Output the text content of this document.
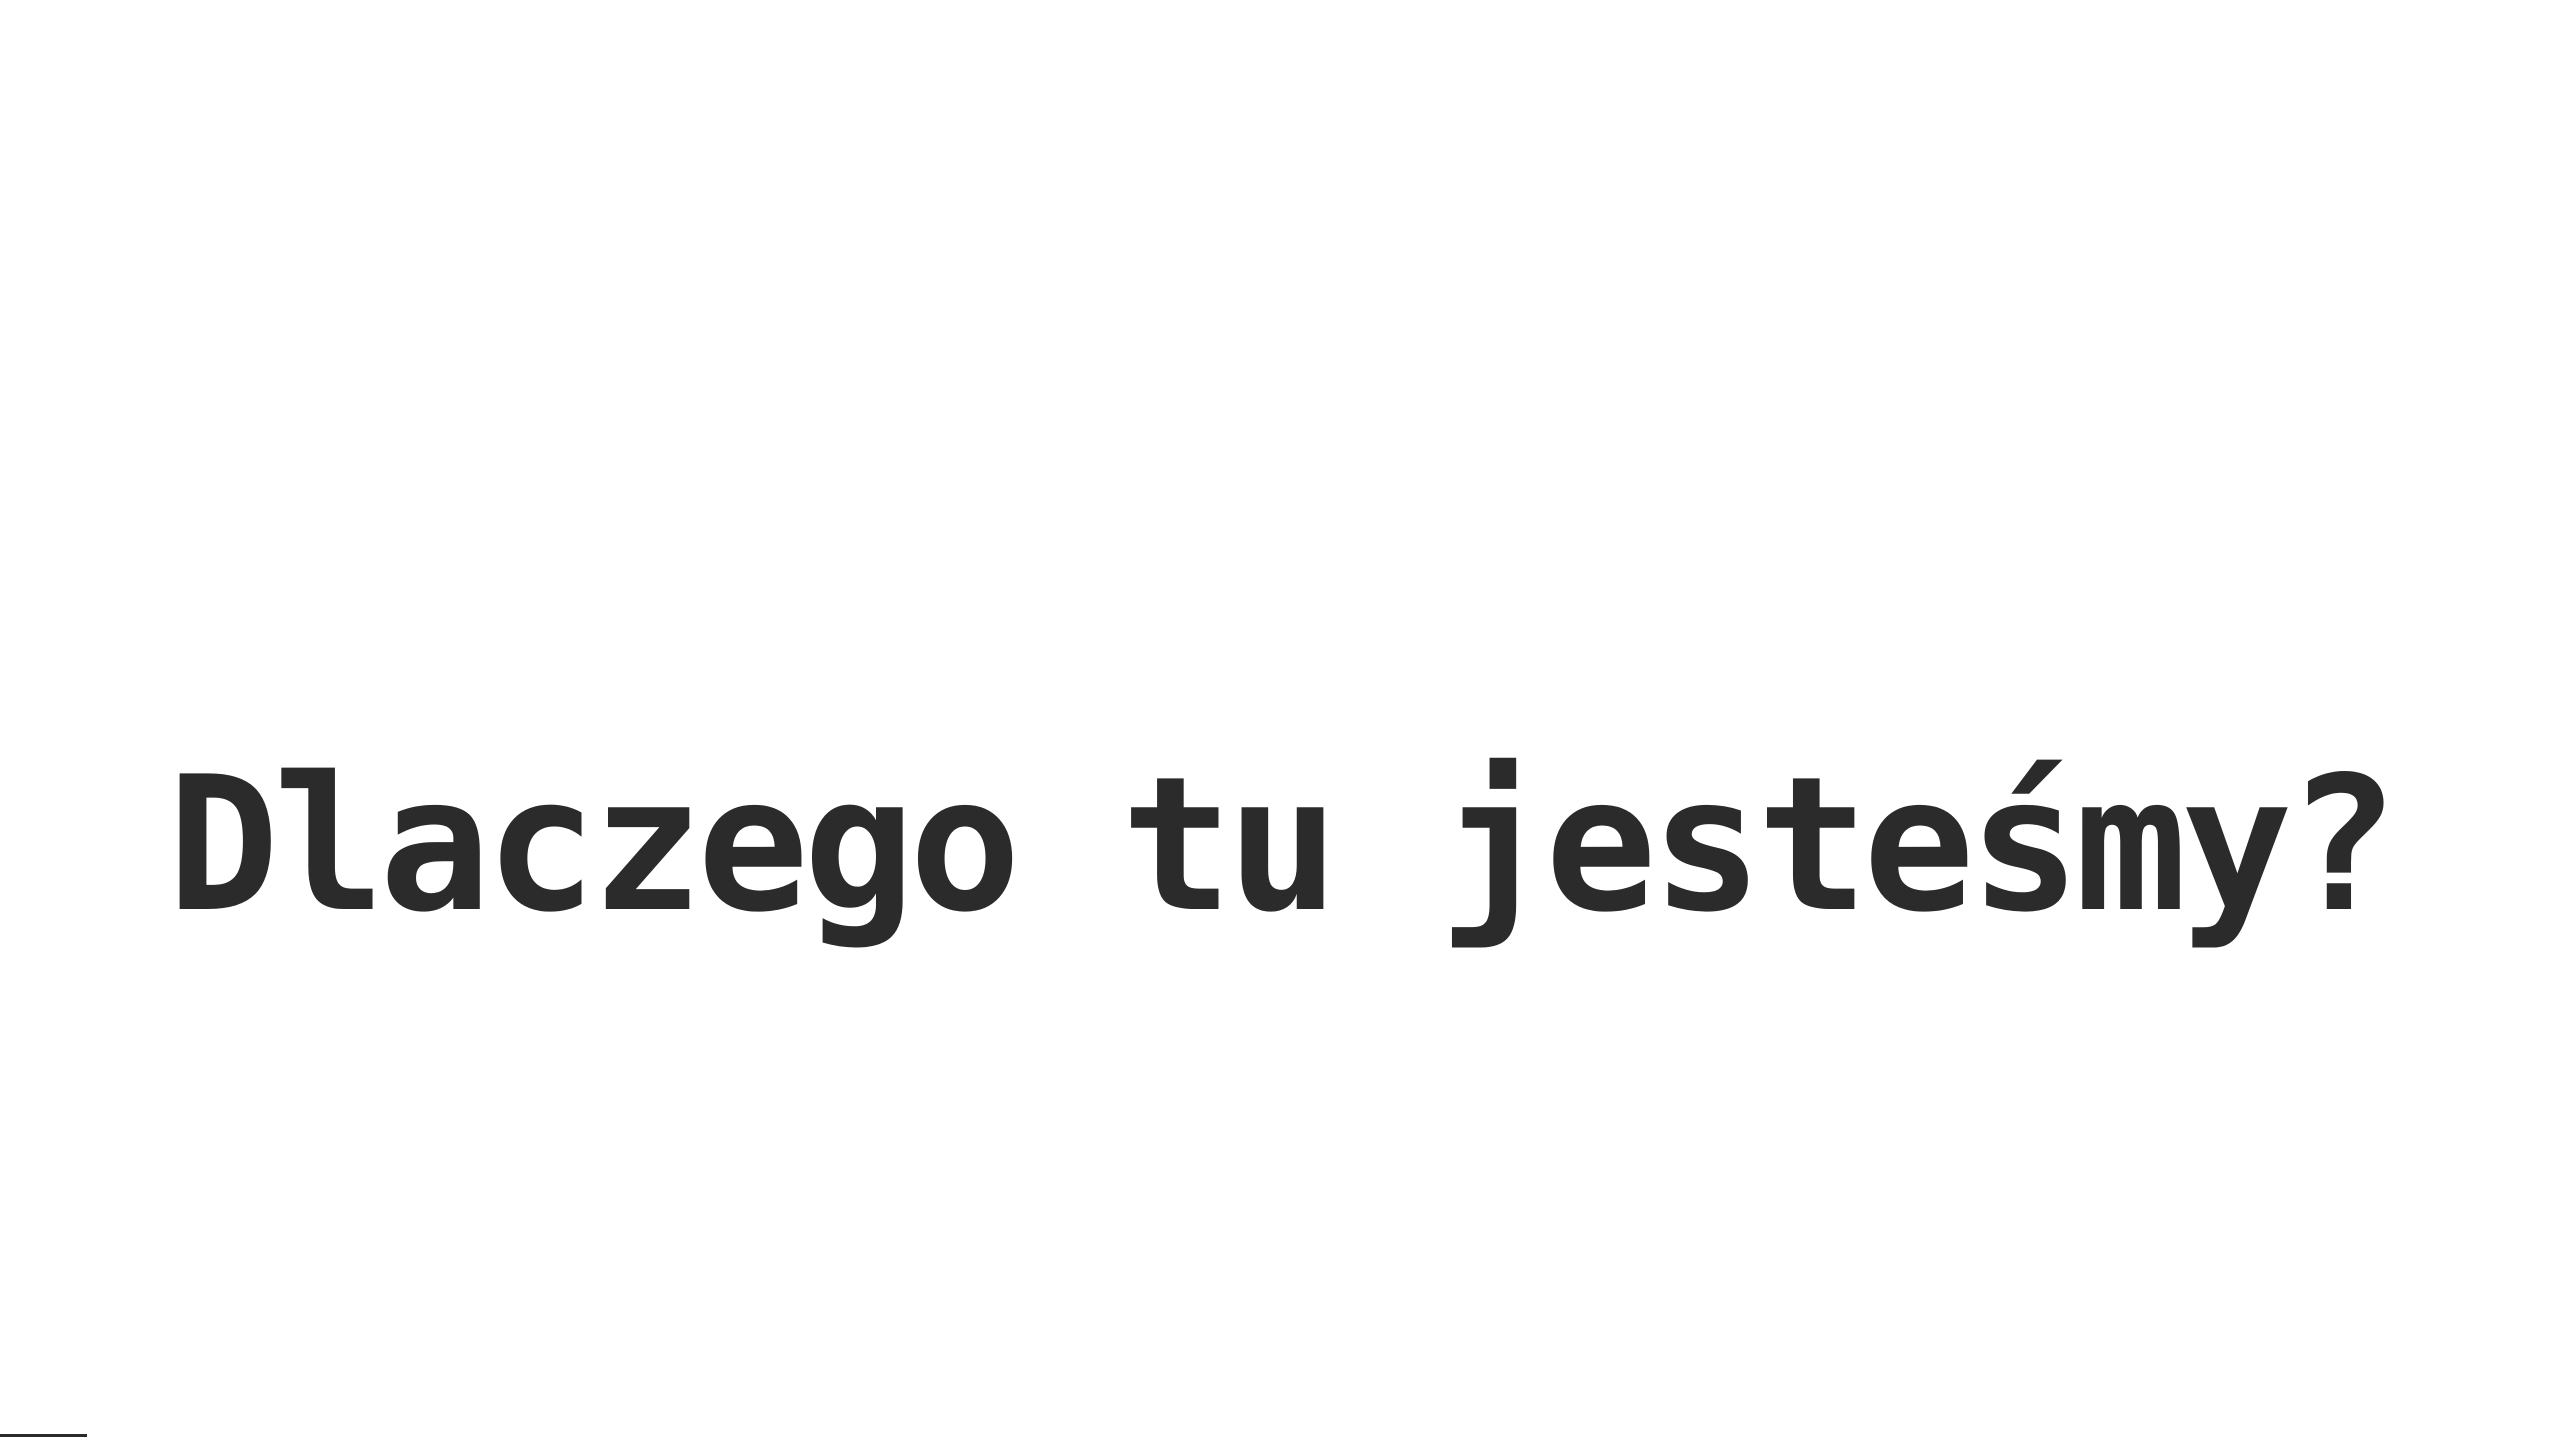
Dlaczego tu jesteśmy?
